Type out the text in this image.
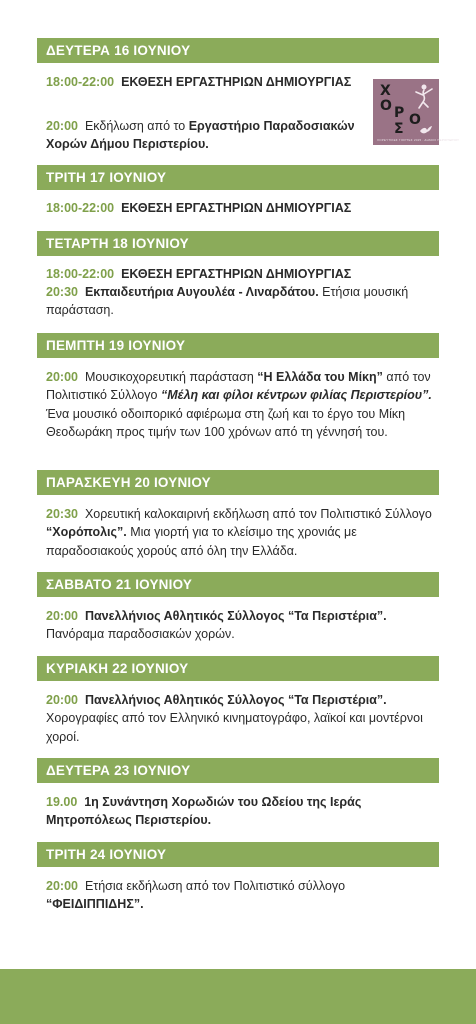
ΔΕΥΤΕΡΑ 16 ΙΟΥΝΙΟΥ
18:00-22:00 ΕΚΘΕΣΗ ΕΡΓΑΣΤΗΡΙΩΝ ΔΗΜΙΟΥΡΓΙΑΣ
20:00 Εκδήλωση από το Εργαστήριο Παραδοσιακών Χορών Δήμου Περιστερίου.
Χ
Ο Ρ Ο
Σ
ΧΟΡΕΥΤΙΚΕΣ ΓΙΟΡΤΕΣ 2025 · ΔΗΜΟΣ ΠΕΡΙΣΤΕΡΙΟΥ
ΤΡΙΤΗ 17 ΙΟΥΝΙΟΥ
18:00-22:00 ΕΚΘΕΣΗ ΕΡΓΑΣΤΗΡΙΩΝ ΔΗΜΙΟΥΡΓΙΑΣ
ΤΕΤΑΡΤΗ 18 ΙΟΥΝΙΟΥ
18:00-22:00 ΕΚΘΕΣΗ ΕΡΓΑΣΤΗΡΙΩΝ ΔΗΜΙΟΥΡΓΙΑΣ
20:30 Εκπαιδευτήρια Αυγουλέα - Λιναρδάτου. Ετήσια μουσική παράσταση.
ΠΕΜΠΤΗ 19 ΙΟΥΝΙΟΥ
20:00 Μουσικοχορευτική παράσταση “Η Ελλάδα του Μίκη” από τον Πολιτιστικό Σύλλογο “Μέλη και φίλοι κέντρων φιλίας Περιστερίου”. Ένα μουσικό οδοιπορικό αφιέρωμα στη ζωή και το έργο του Μίκη Θεοδωράκη προς τιμήν των 100 χρόνων από τη γέννησή του.
ΠΑΡΑΣΚΕΥΗ 20 ΙΟΥΝΙΟΥ
20:30 Χορευτική καλοκαιρινή εκδήλωση από τον Πολιτιστικό Σύλλογο “Χορόπολις”. Μια γιορτή για το κλείσιμο της χρονιάς με παραδοσιακούς χορούς από όλη την Ελλάδα.
ΣΑΒΒΑΤΟ 21 ΙΟΥΝΙΟΥ
20:00 Πανελλήνιος Αθλητικός Σύλλογος “Τα Περιστέρια”.
Πανόραμα παραδοσιακών χορών.
ΚΥΡΙΑΚΗ 22 ΙΟΥΝΙΟΥ
20:00 Πανελλήνιος Αθλητικός Σύλλογος “Τα Περιστέρια”.
Χορογραφίες από τον Ελληνικό κινηματογράφο, λαϊκοί και μοντέρνοι χοροί.
ΔΕΥΤΕΡΑ 23 ΙΟΥΝΙΟΥ
19.00 1η Συνάντηση Χορωδιών του Ωδείου της Ιεράς Μητροπόλεως Περιστερίου.
ΤΡΙΤΗ 24 ΙΟΥΝΙΟΥ
20:00 Ετήσια εκδήλωση από τον Πολιτιστικό σύλλογο
“ΦΕΙΔΙΠΠΙΔΗΣ”.
